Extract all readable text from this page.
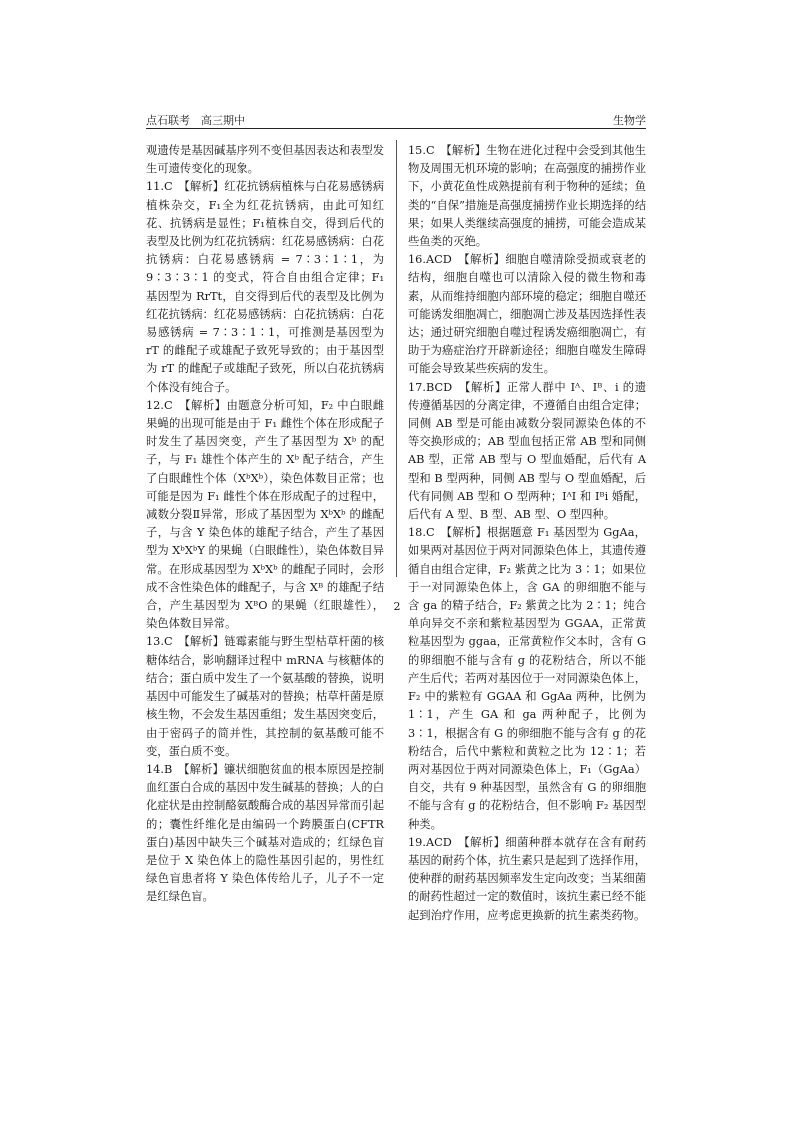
点石联考　高三期中	生物学

观遗传是基因碱基序列不变但基因表达和表型发生可遗传变化的现象。

11.C　【解析】红花抗锈病植株与白花易感锈病植株杂交，F₁全为红花抗锈病，由此可知红花、抗锈病是显性；F₁植株自交，得到后代的表型及比例为红花抗锈病：红花易感锈病：白花抗锈病：白花易感锈病 = 7∶3∶1∶1，为 9∶3∶3∶1 的变式，符合自由组合定律；F₁ 基因型为 RrTt，自交得到后代的表型及比例为红花抗锈病：红花易感锈病：白花抗锈病：白花易感锈病 = 7∶3∶1∶1，可推测是基因型为 rT 的雌配子或雄配子致死导致的；由于基因型为 rT 的雌配子或雄配子致死，所以白花抗锈病个体没有纯合子。

12.C　【解析】由题意分析可知，F₂ 中白眼雌果蝇的出现可能是由于 F₁ 雌性个体在形成配子时发生了基因突变，产生了基因型为 Xᵇ 的配子，与 F₁ 雄性个体产生的 Xᵇ 配子结合，产生了白眼雌性个体（XᵇXᵇ），染色体数目正常；也可能是因为 F₁ 雌性个体在形成配子的过程中，减数分裂Ⅱ异常，形成了基因型为 XᵇXᵇ 的雌配子，与含 Y 染色体的雄配子结合，产生了基因型为 XᵇXᵇY 的果蝇（白眼雌性），染色体数目异常。在形成基因型为 XᵇXᵇ 的雌配子同时，会形成不含性染色体的雌配子，与含 Xᴮ 的雄配子结合，产生基因型为 XᴮO 的果蝇（红眼雄性），染色体数目异常。

13.C　【解析】链霉素能与野生型枯草杆菌的核糖体结合，影响翻译过程中 mRNA 与核糖体的结合；蛋白质中发生了一个氨基酸的替换，说明基因中可能发生了碱基对的替换；枯草杆菌是原核生物，不会发生基因重组；发生基因突变后，由于密码子的简并性，其控制的氨基酸可能不变，蛋白质不变。

14.B　【解析】镰状细胞贫血的根本原因是控制血红蛋白合成的基因中发生碱基的替换；人的白化症状是由控制酪氨酸酶合成的基因异常而引起的；囊性纤维化是由编码一个跨膜蛋白(CFTR 蛋白)基因中缺失三个碱基对造成的；红绿色盲是位于 X 染色体上的隐性基因引起的，男性红绿色盲患者将 Y 染色体传给儿子，儿子不一定是红绿色盲。

15.C　【解析】生物在进化过程中会受到其他生物及周围无机环境的影响；在高强度的捕捞作业下，小黄花鱼性成熟提前有利于物种的延续；鱼类的“自保”措施是高强度捕捞作业长期选择的结果；如果人类继续高强度的捕捞，可能会造成某些鱼类的灭绝。

16.ACD　【解析】细胞自噬清除受损或衰老的结构，细胞自噬也可以清除入侵的微生物和毒素，从而维持细胞内部环境的稳定；细胞自噬还可能诱发细胞凋亡，细胞凋亡涉及基因选择性表达；通过研究细胞自噬过程诱发癌细胞凋亡，有助于为癌症治疗开辟新途径；细胞自噬发生障碍可能会导致某些疾病的发生。

17.BCD　【解析】正常人群中 Iᴬ、Iᴮ、i 的遗传遵循基因的分离定律，不遵循自由组合定律；同侧 AB 型是可能由减数分裂同源染色体的不等交换形成的；AB 型血包括正常 AB 型和同侧 AB 型，正常 AB 型与 O 型血婚配，后代有 A 型和 B 型两种，同侧 AB 型与 O 型血婚配，后代有同侧 AB 型和 O 型两种；IᴬI 和 Iᴮi 婚配，后代有 A 型、B 型、AB 型、O 型四种。

18.C　【解析】根据题意 F₁ 基因型为 GgAa，如果两对基因位于两对同源染色体上，其遗传遵循自由组合定律，F₂ 紫黄之比为 3∶1；如果位于一对同源染色体上，含 GA 的卵细胞不能与含 ga 的精子结合，F₂ 紫黄之比为 2∶1；纯合单向异交不亲和紫粒基因型为 GGAA，正常黄粒基因型为 ggaa，正常黄粒作父本时，含有 G 的卵细胞不能与含有 g 的花粉结合，所以不能产生后代；若两对基因位于一对同源染色体上，F₂ 中的紫粒有 GGAA 和 GgAa 两种，比例为 1∶1，产生 GA 和 ga 两种配子，比例为 3∶1，根据含有 G 的卵细胞不能与含有 g 的花粉结合，后代中紫粒和黄粒之比为 12∶1；若两对基因位于两对同源染色体上，F₁（GgAa）自交，共有 9 种基因型，虽然含有 G 的卵细胞不能与含有 g 的花粉结合，但不影响 F₂ 基因型种类。

19.ACD　【解析】细菌种群本就存在含有耐药基因的耐药个体，抗生素只是起到了选择作用，使种群的耐药基因频率发生定向改变；当某细菌的耐药性超过一定的数值时，该抗生素已经不能起到治疗作用，应考虑更换新的抗生素类药物。

2
